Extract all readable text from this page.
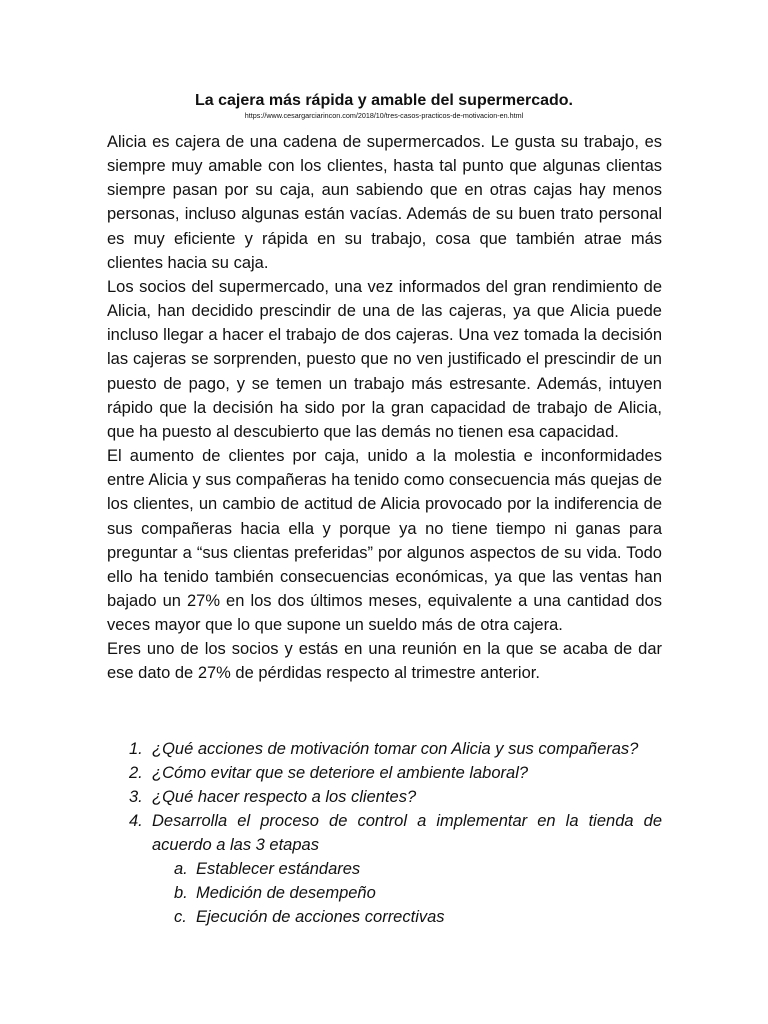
La cajera más rápida y amable del supermercado.
https://www.cesargarciarincon.com/2018/10/tres-casos-practicos-de-motivacion-en.html

Alicia es cajera de una cadena de supermercados. Le gusta su trabajo, es siempre muy amable con los clientes, hasta tal punto que algunas clientas siempre pasan por su caja, aun sabiendo que en otras cajas hay menos personas, incluso algunas están vacías. Además de su buen trato personal es muy eficiente y rápida en su trabajo, cosa que también atrae más clientes hacia su caja.

Los socios del supermercado, una vez informados del gran rendimiento de Alicia, han decidido prescindir de una de las cajeras, ya que Alicia puede incluso llegar a hacer el trabajo de dos cajeras. Una vez tomada la decisión las cajeras se sorprenden, puesto que no ven justificado el prescindir de un puesto de pago, y se temen un trabajo más estresante. Además, intuyen rápido que la decisión ha sido por la gran capacidad de trabajo de Alicia, que ha puesto al descubierto que las demás no tienen esa capacidad.

El aumento de clientes por caja, unido a la molestia e inconformidades entre Alicia y sus compañeras ha tenido como consecuencia más quejas de los clientes, un cambio de actitud de Alicia provocado por la indiferencia de sus compañeras hacia ella y porque ya no tiene tiempo ni ganas para preguntar a “sus clientas preferidas” por algunos aspectos de su vida. Todo ello ha tenido también consecuencias económicas, ya que las ventas han bajado un 27% en los dos últimos meses, equivalente a una cantidad dos veces mayor que lo que supone un sueldo más de otra cajera.

Eres uno de los socios y estás en una reunión en la que se acaba de dar ese dato de 27% de pérdidas respecto al trimestre anterior.

1. ¿Qué acciones de motivación tomar con Alicia y sus compañeras?
2. ¿Cómo evitar que se deteriore el ambiente laboral?
3. ¿Qué hacer respecto a los clientes?
4. Desarrolla el proceso de control a implementar en la tienda de acuerdo a las 3 etapas
a. Establecer estándares
b. Medición de desempeño
c. Ejecución de acciones correctivas
